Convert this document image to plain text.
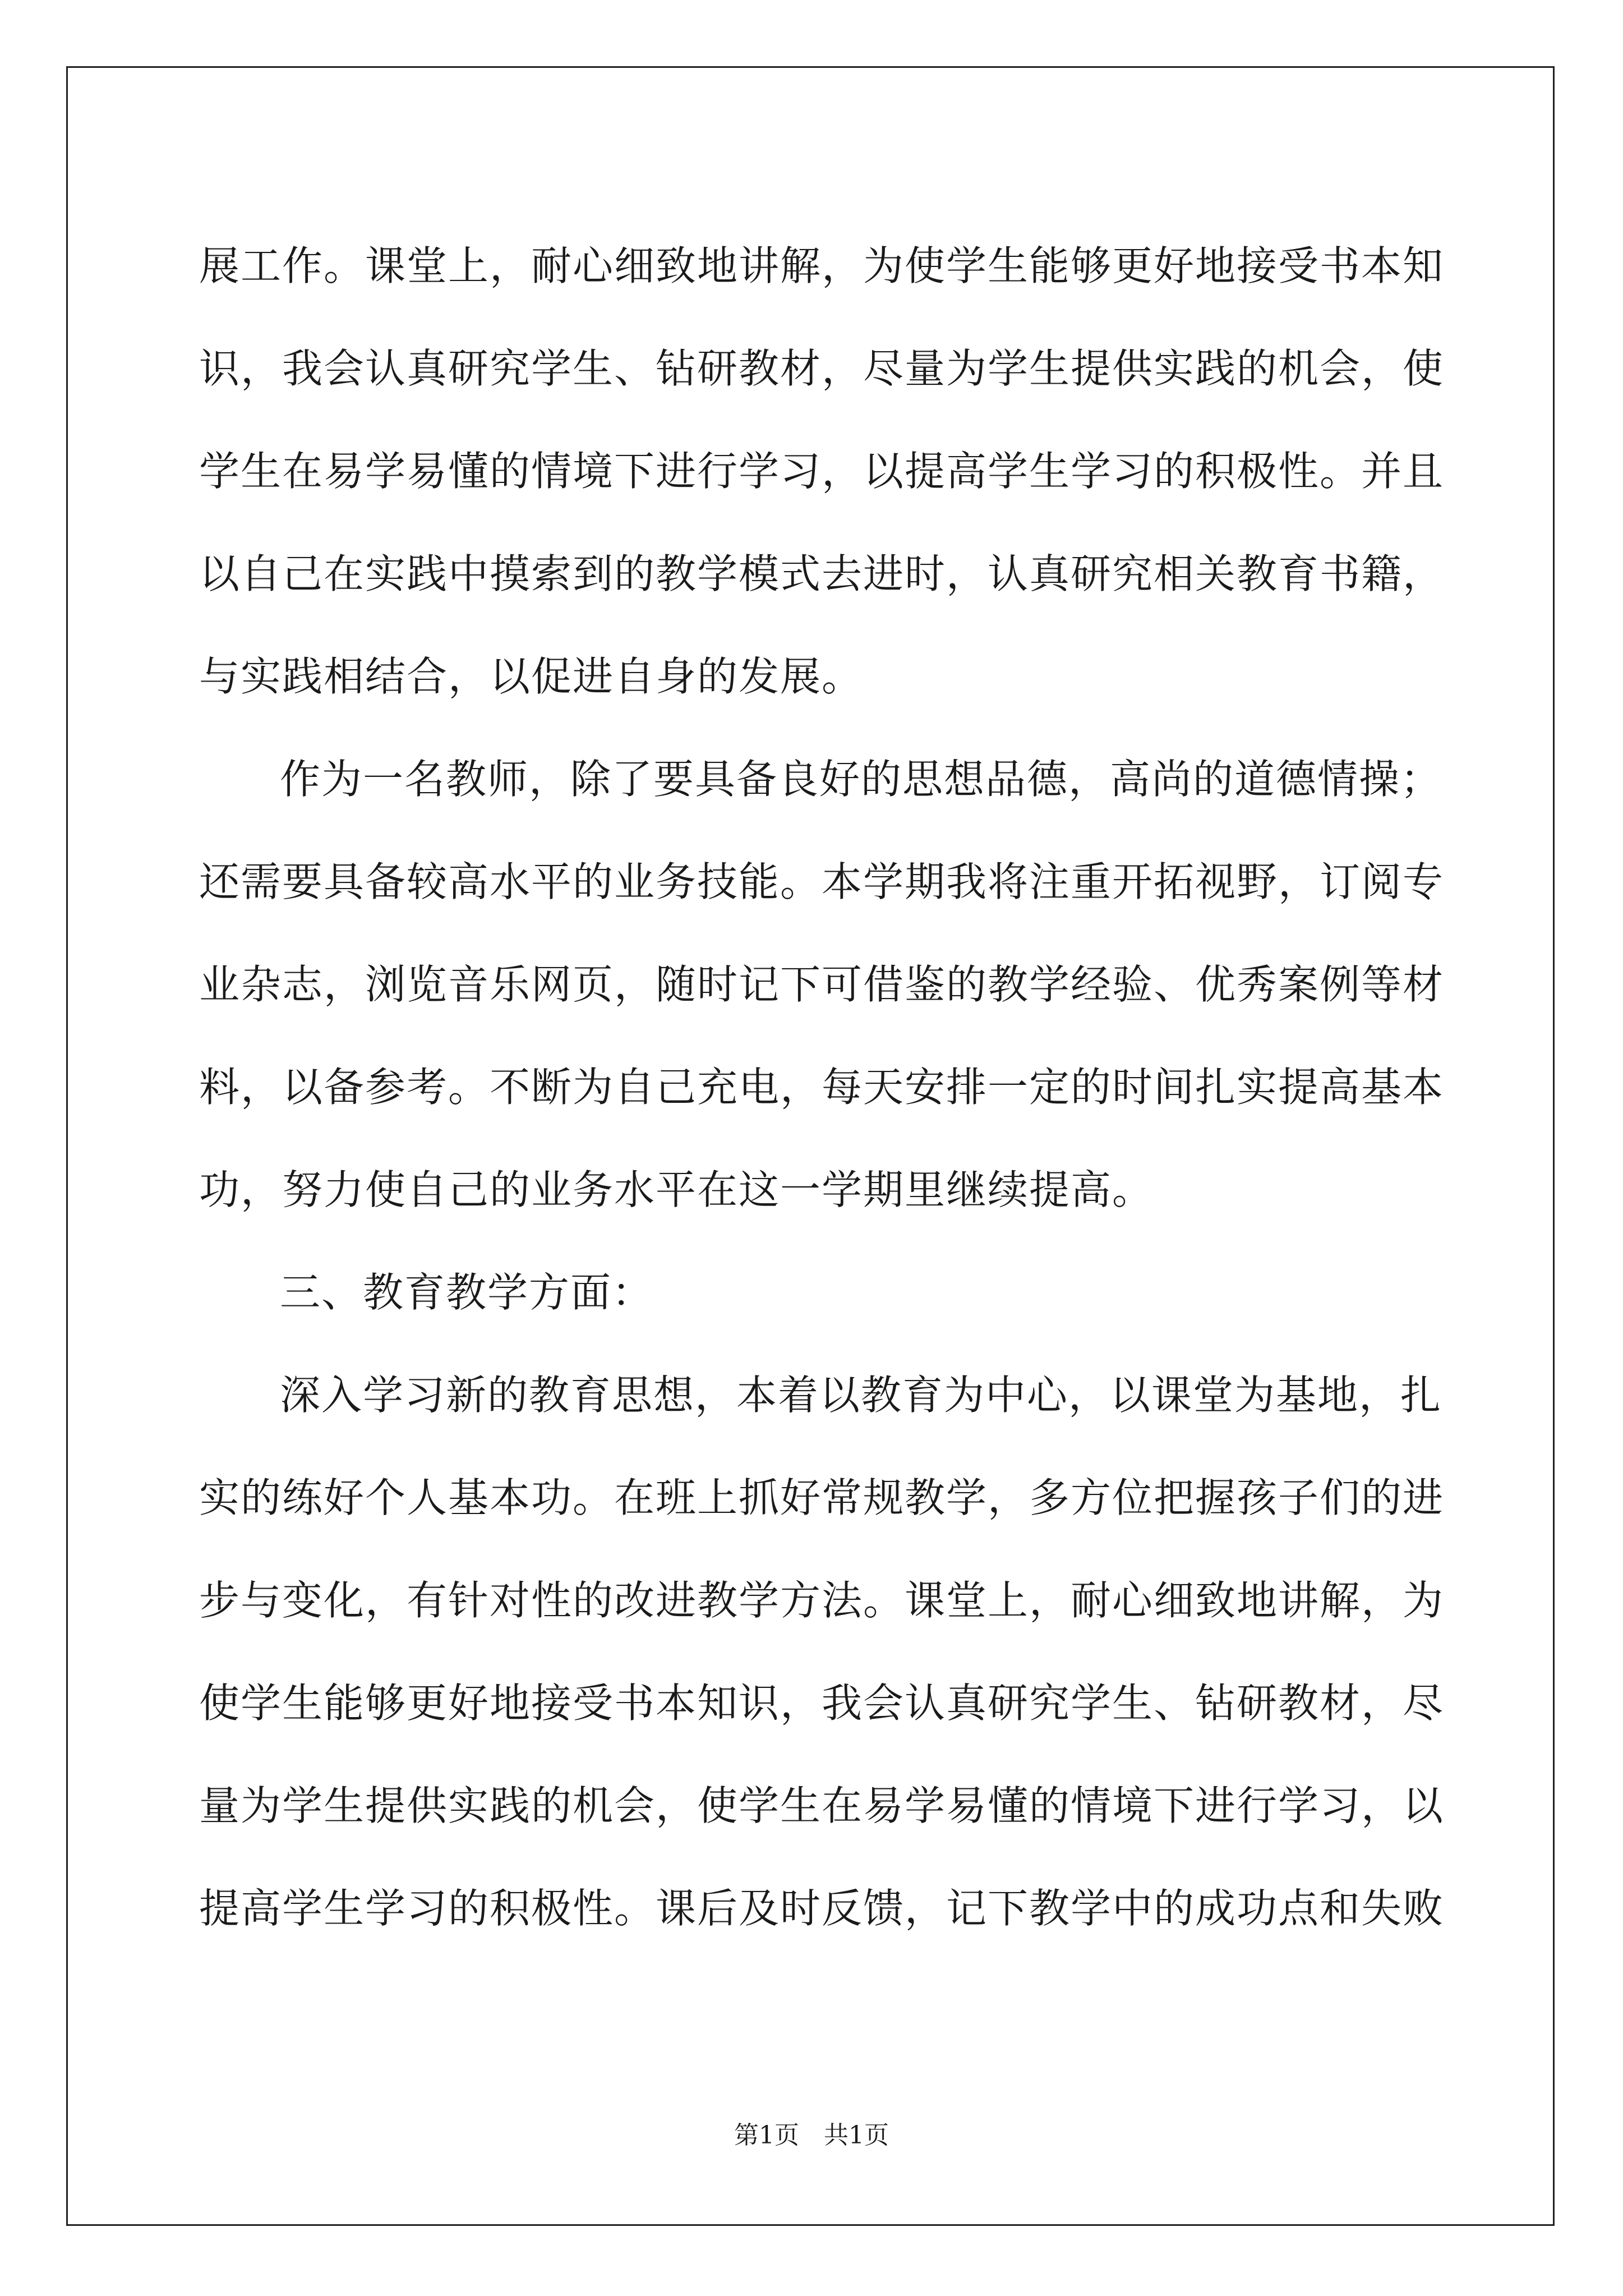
展工作。课堂上，耐心细致地讲解，为使学生能够更好地接受书本知
识，我会认真研究学生、钻研教材，尽量为学生提供实践的机会，使
学生在易学易懂的情境下进行学习，以提高学生学习的积极性。并且
以自己在实践中摸索到的教学模式去进时，认真研究相关教育书籍，
与实践相结合，以促进自身的发展。
作为一名教师，除了要具备良好的思想品德，高尚的道德情操；
还需要具备较高水平的业务技能。本学期我将注重开拓视野，订阅专
业杂志，浏览音乐网页，随时记下可借鉴的教学经验、优秀案例等材
料，以备参考。不断为自己充电，每天安排一定的时间扎实提高基本
功，努力使自己的业务水平在这一学期里继续提高。
三、教育教学方面：
深入学习新的教育思想，本着以教育为中心，以课堂为基地，扎
实的练好个人基本功。在班上抓好常规教学，多方位把握孩子们的进
步与变化，有针对性的改进教学方法。课堂上，耐心细致地讲解，为
使学生能够更好地接受书本知识，我会认真研究学生、钻研教材，尽
量为学生提供实践的机会，使学生在易学易懂的情境下进行学习，以
提高学生学习的积极性。课后及时反馈，记下教学中的成功点和失败
第1页 共1页
